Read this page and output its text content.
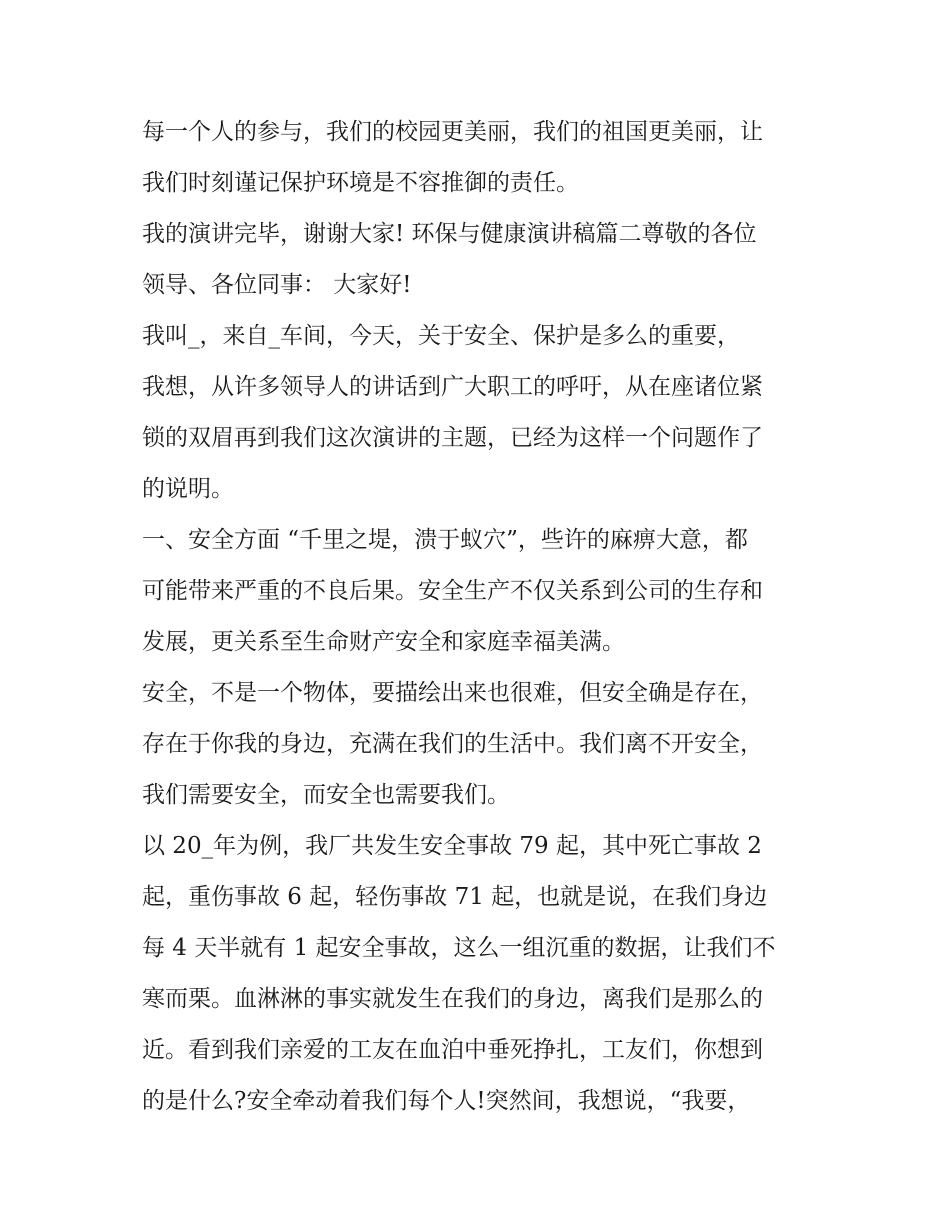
每一个人的参与，我们的校园更美丽，我们的祖国更美丽，让
我们时刻谨记保护环境是不容推御的责任。
我的演讲完毕，谢谢大家! 环保与健康演讲稿篇二尊敬的各位
领导、各位同事： 大家好!
我叫_，来自_车间，今天，关于安全、保护是多么的重要，
我想，从许多领导人的讲话到广大职工的呼吁，从在座诸位紧
锁的双眉再到我们这次演讲的主题，已经为这样一个问题作了
的说明。
一、安全方面 “千里之堤，溃于蚁穴”，些许的麻痹大意，都
可能带来严重的不良后果。安全生产不仅关系到公司的生存和
发展，更关系至生命财产安全和家庭幸福美满。
安全，不是一个物体，要描绘出来也很难，但安全确是存在，
存在于你我的身边，充满在我们的生活中。我们离不开安全，
我们需要安全，而安全也需要我们。
以 20_年为例，我厂共发生安全事故 79 起，其中死亡事故 2
起，重伤事故 6 起，轻伤事故 71 起，也就是说，在我们身边
每 4 天半就有 1 起安全事故，这么一组沉重的数据，让我们不
寒而栗。血淋淋的事实就发生在我们的身边，离我们是那么的
近。看到我们亲爱的工友在血泊中垂死挣扎，工友们，你想到
的是什么?安全牵动着我们每个人!突然间，我想说，“我要，
